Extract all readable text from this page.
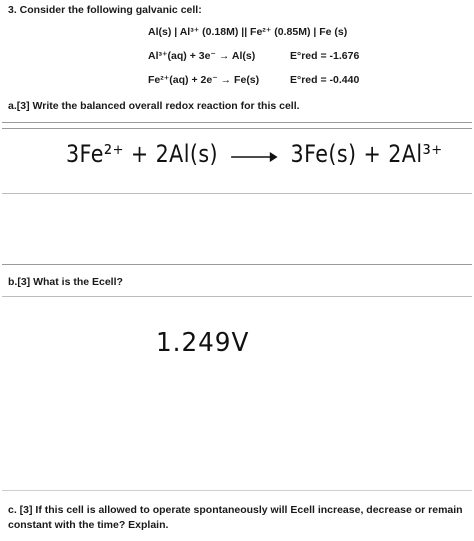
3. Consider the following galvanic cell:
Al(s) | Al³⁺ (0.18M) || Fe²⁺ (0.85M) | Fe (s)
Al³⁺(aq) + 3e⁻ → Al(s)	E°red = -1.676
Fe²⁺(aq) + 2e⁻ → Fe(s)	E°red = -0.440
a.[3] Write the balanced overall redox reaction for this cell.
3Fe²⁺ + 2Al(s) → 3Fe(s) + 2Al³⁺
b.[3] What is the Ecell?
1.249V
c. [3] If this cell is allowed to operate spontaneously will Ecell increase, decrease or remain
constant with the time? Explain.
